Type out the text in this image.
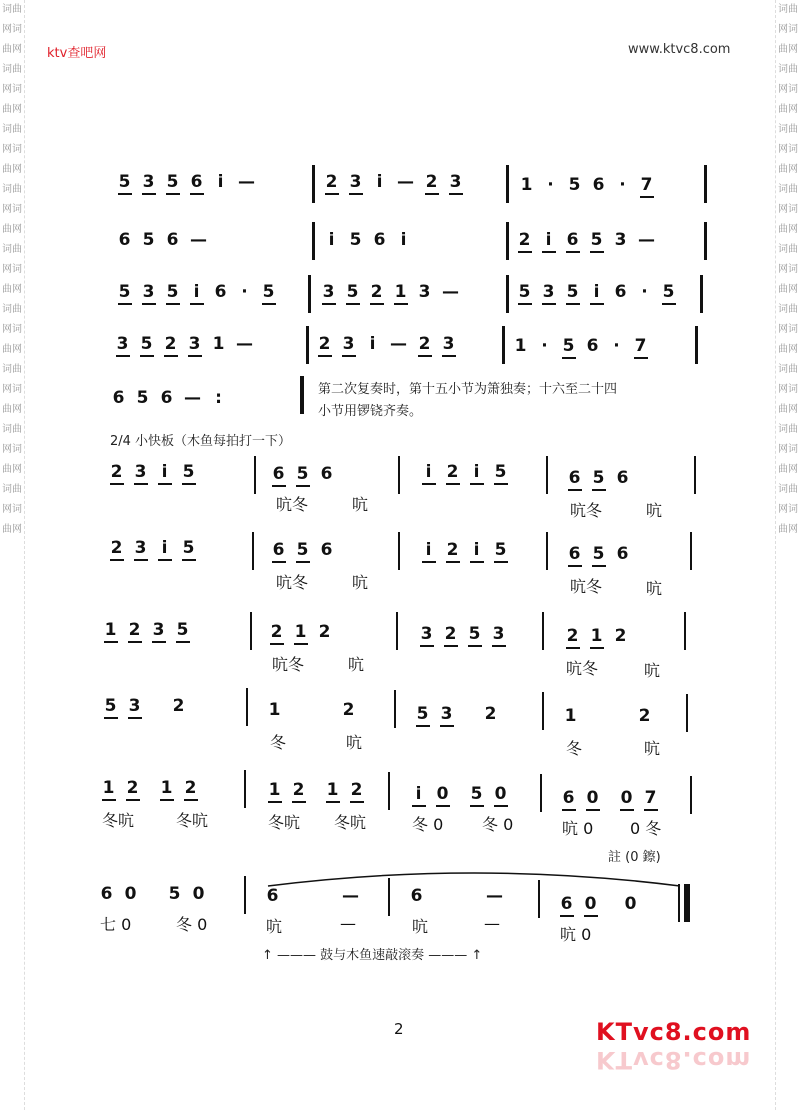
词曲网词曲网词曲网词曲网词曲网词曲网词曲网词曲网词曲网词曲网词曲网词曲网词曲网词曲网词曲网词曲网词曲网词曲网
词曲网词曲网词曲网词曲网词曲网词曲网词曲网词曲网词曲网词曲网词曲网词曲网词曲网词曲网词曲网词曲网词曲网词曲网
ktv查吧网	www.ktvc8.com
5 3 5 6 i —	2 3 i — 2 3	1 · 5 6 · 7
6 5 6 —	i 5 6 i	2 i 6 5 3 —
5 3 5 i 6 · 5	3 5 2 1 3 —	5 3 5 i 6 · 5
3 5 2 3 1 —	2 3 i — 2 3	1 · 5 6 · 7
6 5 6 — :	第二次复奏时，第十五小节为箫独奏；十六至二十四
小节用锣铙齐奏。
2/4 小快板（木鱼每拍打一下）
2 3 i 5	6 5 6
吭冬	吭
i 2 i 5	6 5 6
吭冬	吭
2 3 i 5	6 5 6
吭冬	吭
i 2 i 5	6 5 6
吭冬	吭
1 2 3 5	2 1 2
吭冬	吭
3 2 5 3	2 1 2
吭冬	吭
5 3 2	1	2
冬	吭
5 3 2	1	2
冬	吭
1 2 1 2
冬吭	冬吭
1 2 1 2
冬吭 冬吭
i 0 5 0
冬 0 冬 0
6 0 0 7
吭 0 0 冬
註 (0 鑔)
6 0 5 0
七 0	冬 0
6	—
吭	—
6	—
吭	—
6 0 0
吭 0
↑ ——— 鼓与木鱼速敲滚奏 ——— ↑
2	KTvc8.com
KTvc8.com
